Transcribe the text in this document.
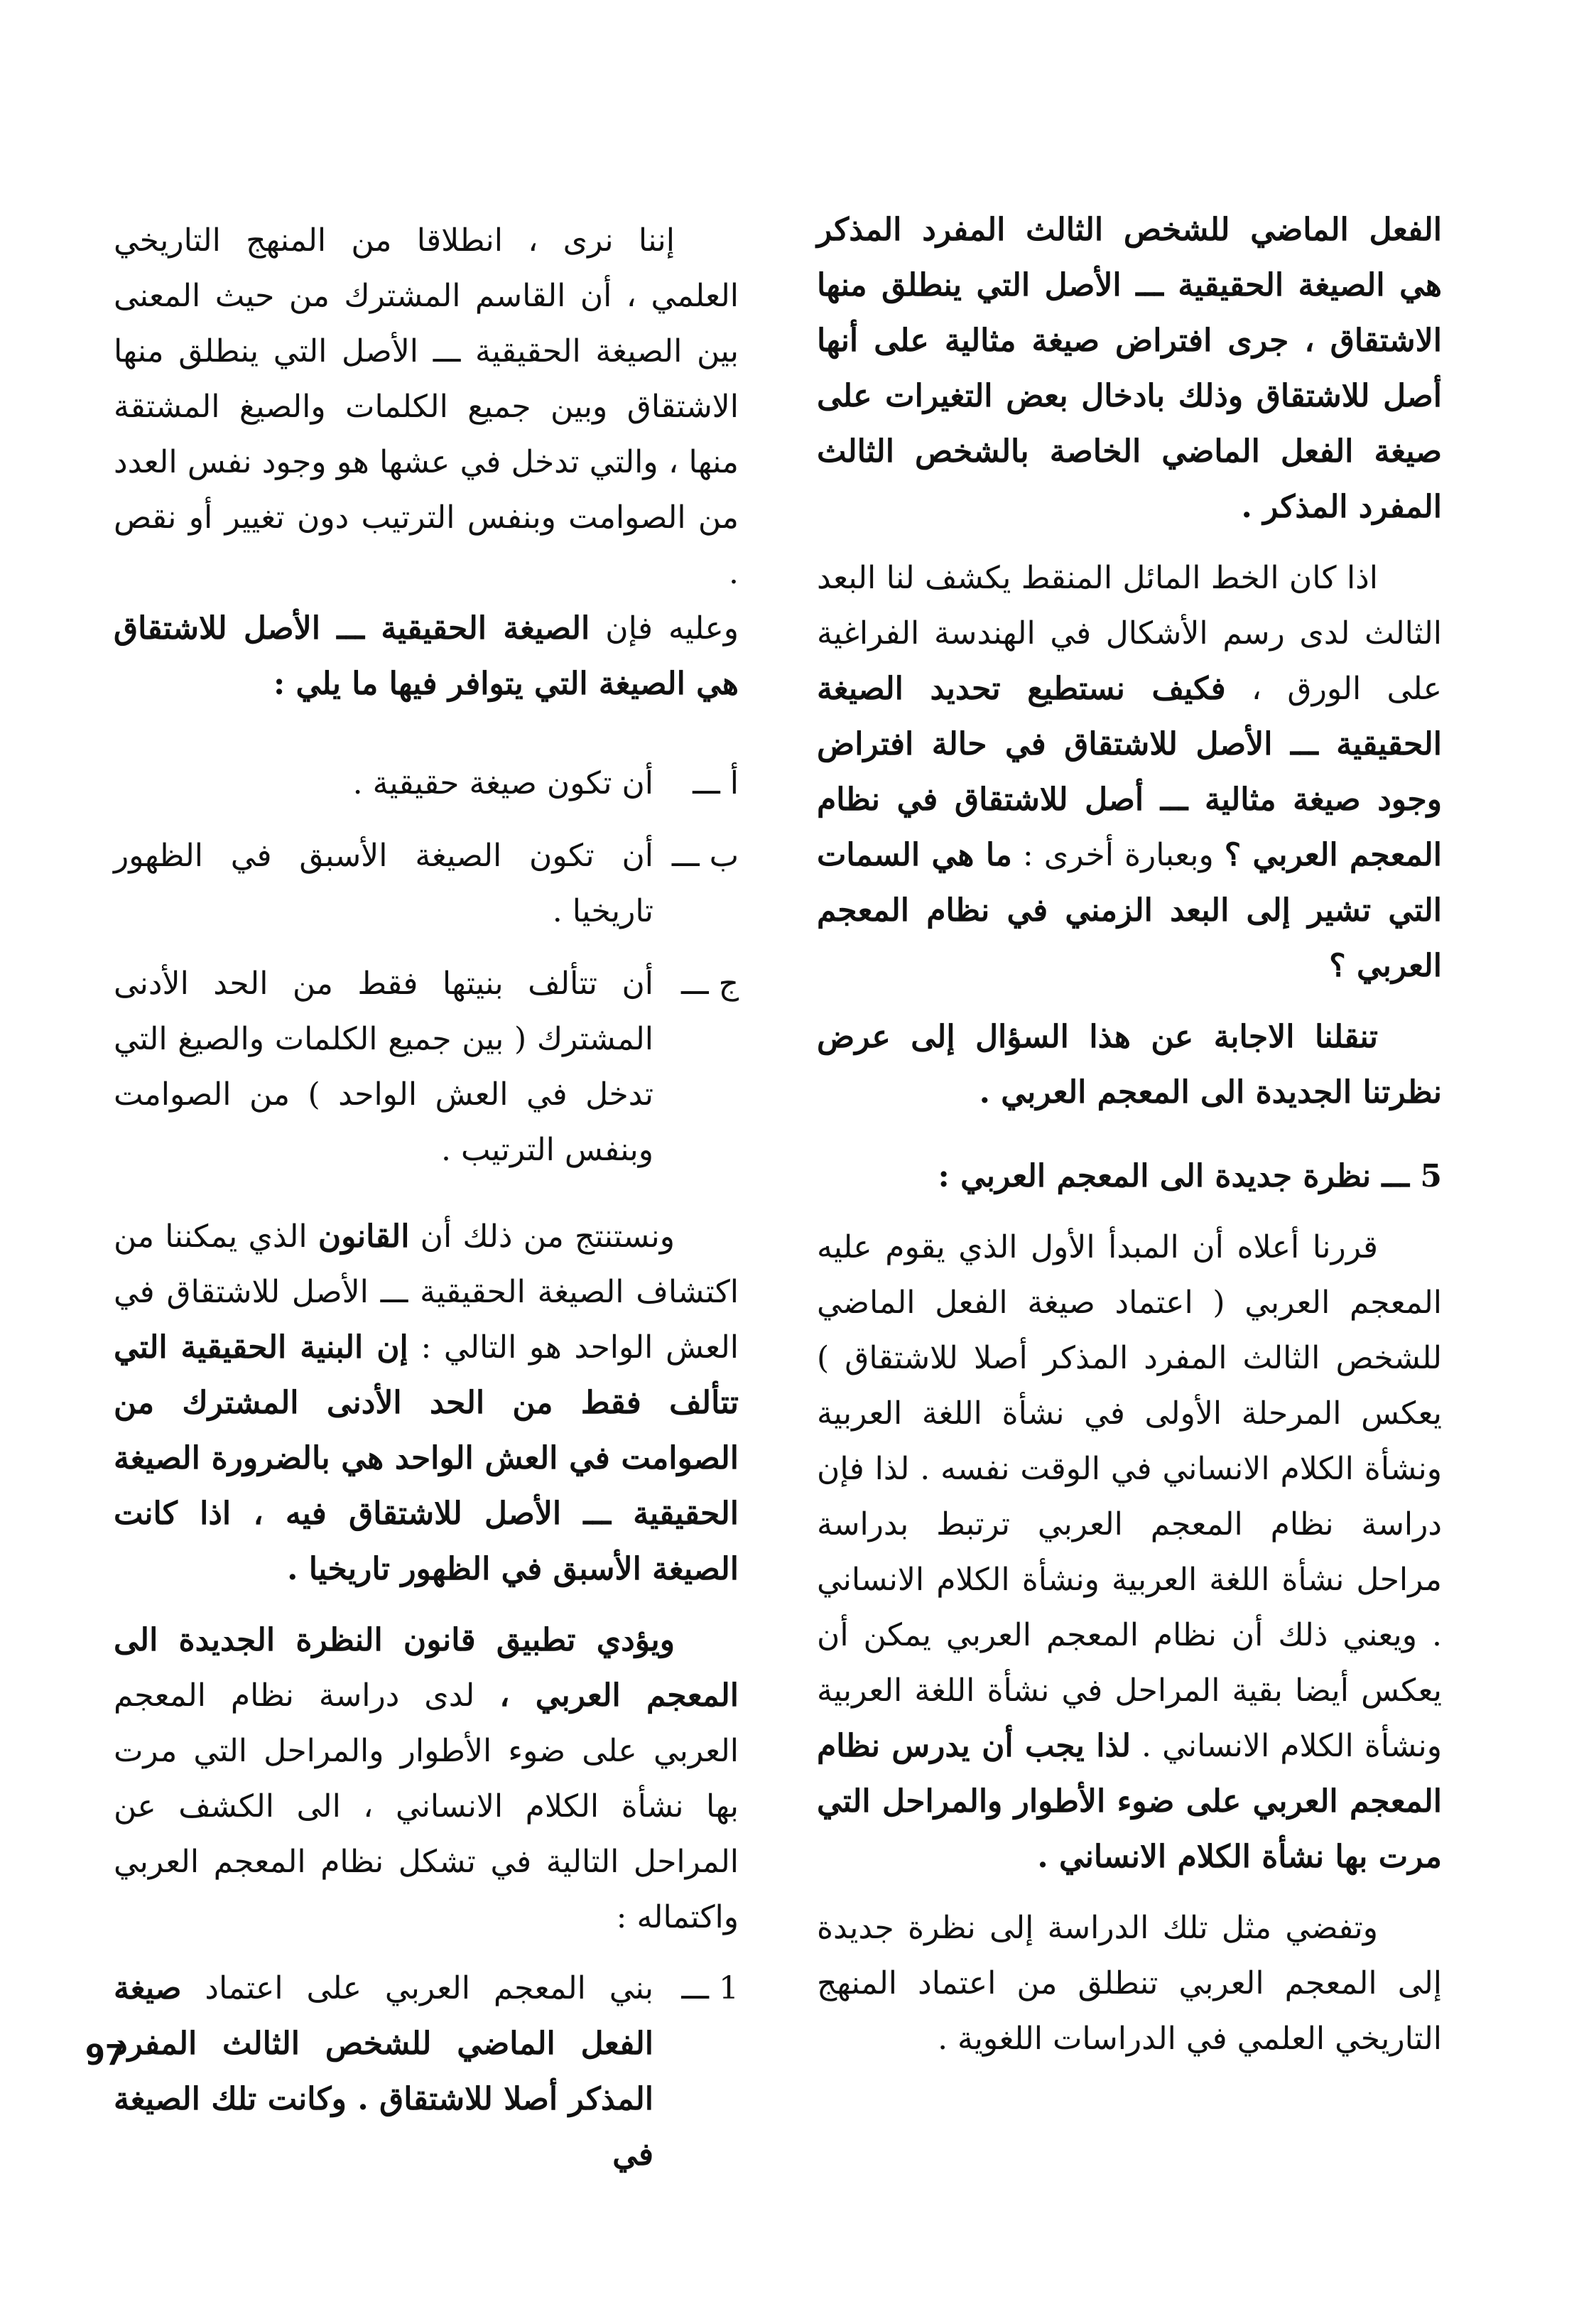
الفعل الماضي للشخص الثالث المفرد المذكر هي الصيغة الحقيقية ـــ الأصل التي ينطلق منها الاشتقاق ، جرى افتراض صيغة مثالية على أنها أصل للاشتقاق وذلك بادخال بعض التغيرات على صيغة الفعل الماضي الخاصة بالشخص الثالث المفرد المذكر .

اذا كان الخط المائل المنقط يكشف لنا البعد الثالث لدى رسم الأشكال في الهندسة الفراغية على الورق ، فكيف نستطيع تحديد الصيغة الحقيقية ـــ الأصل للاشتقاق في حالة افتراض وجود صيغة مثالية ـــ أصل للاشتقاق في نظام المعجم العربي ؟ وبعبارة أخرى : ما هي السمات التي تشير إلى البعد الزمني في نظام المعجم العربي ؟

تنقلنا الاجابة عن هذا السؤال إلى عرض نظرتنا الجديدة الى المعجم العربي .

5 ـــ نظرة جديدة الى المعجم العربي :

قررنا أعلاه أن المبدأ الأول الذي يقوم عليه المعجم العربي ( اعتماد صيغة الفعل الماضي للشخص الثالث المفرد المذكر أصلا للاشتقاق ) يعكس المرحلة الأولى في نشأة اللغة العربية ونشأة الكلام الانساني في الوقت نفسه . لذا فإن دراسة نظام المعجم العربي ترتبط بدراسة مراحل نشأة اللغة العربية ونشأة الكلام الانساني . ويعني ذلك أن نظام المعجم العربي يمكن أن يعكس أيضا بقية المراحل في نشأة اللغة العربية ونشأة الكلام الانساني . لذا يجب أن يدرس نظام المعجم العربي على ضوء الأطوار والمراحل التي مرت بها نشأة الكلام الانساني .

وتفضي مثل تلك الدراسة إلى نظرة جديدة إلى المعجم العربي تنطلق من اعتماد المنهج التاريخي العلمي في الدراسات اللغوية .

إننا نرى ، انطلاقا من المنهج التاريخي العلمي ، أن القاسم المشترك من حيث المعنى بين الصيغة الحقيقية ـــ الأصل التي ينطلق منها الاشتقاق وبين جميع الكلمات والصيغ المشتقة منها ، والتي تدخل في عشها هو وجود نفس العدد من الصوامت وبنفس الترتيب دون تغيير أو نقص .

وعليه فإن الصيغة الحقيقية ـــ الأصل للاشتقاق هي الصيغة التي يتوافر فيها ما يلي :

أ ـــ
أن تكون صيغة حقيقية .
ب ـــ
أن تكون الصيغة الأسبق في الظهور تاريخيا .
ج ـــ
أن تتألف بنيتها فقط من الحد الأدنى المشترك ( بين جميع الكلمات والصيغ التي تدخل في العش الواحد ) من الصوامت وبنفس الترتيب .

ونستنتج من ذلك أن القانون الذي يمكننا من اكتشاف الصيغة الحقيقية ـــ الأصل للاشتقاق في العش الواحد هو التالي : إن البنية الحقيقية التي تتألف فقط من الحد الأدنى المشترك من الصوامت في العش الواحد هي بالضرورة الصيغة الحقيقية ـــ الأصل للاشتقاق فيه ، اذا كانت الصيغة الأسبق في الظهور تاريخيا .

ويؤدي تطبيق قانون النظرة الجديدة الى المعجم العربي ، لدى دراسة نظام المعجم العربي على ضوء الأطوار والمراحل التي مرت بها نشأة الكلام الانساني ، الى الكشف عن المراحل التالية في تشكل نظام المعجم العربي واكتماله :

1 ـــ
بني المعجم العربي على اعتماد صيغة الفعل الماضي للشخص الثالث المفرد المذكر أصلا للاشتقاق . وكانت تلك الصيغة في
97
